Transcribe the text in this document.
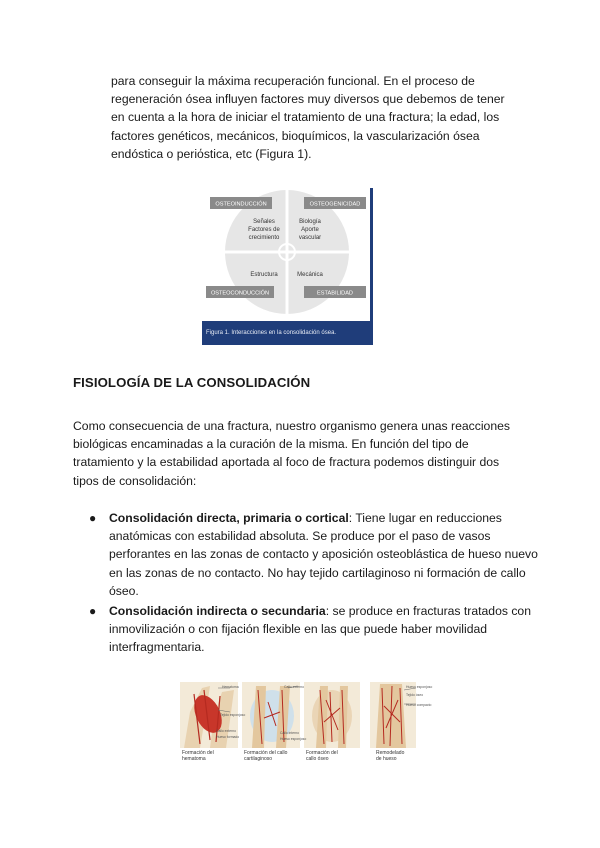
para conseguir la máxima recuperación funcional. En el proceso de regeneración ósea influyen factores muy diversos que debemos de tener en cuenta a la hora de iniciar el tratamiento de una fractura; la edad, los factores genéticos, mecánicos, bioquímicos, la vascularización ósea endóstica o periόstica, etc (Figura 1).
OSTEOINDUCCIÓN	OSTEOGENICIDAD
OSTEOCONDUCCIÓN	ESTABILIDAD
Señales
Factores de
crecimiento
Biología
Aporte
vascular
Estructura	Mecánica
Figura 1. Interacciones en la consolidación ósea.
FISIOLOGÍA DE LA CONSOLIDACIÓN
Como consecuencia de una fractura, nuestro organismo genera unas reacciones biológicas encaminadas a la curación de la misma. En función del tipo de tratamiento y la estabilidad aportada al foco de fractura podemos distinguir dos tipos de consolidación:
● Consolidación directa, primaria o cortical: Tiene lugar en reducciones anatómicas con estabilidad absoluta. Se produce por el paso de vasos perforantes en las zonas de contacto y aposición osteoblástica de hueso nuevo en las zonas de no contacto. No hay tejido cartilaginoso ni formación de callo óseo.
● Consolidación indirecta o secundaria: se produce en fracturas tratados con inmovilización o con fijación flexible en las que puede haber movilidad interfragmentaria.
Formación del
hematoma
Formación del callo
cartilaginoso
Formación del
callo óseo
Remodelado
de hueso
Hematoma
Tejido esponjoso
Callo externo
Hueso formado
Callo externo
Callo interno
Hueso esponjoso
Hueso esponjoso
Tejido óseo
Hueso compacto
